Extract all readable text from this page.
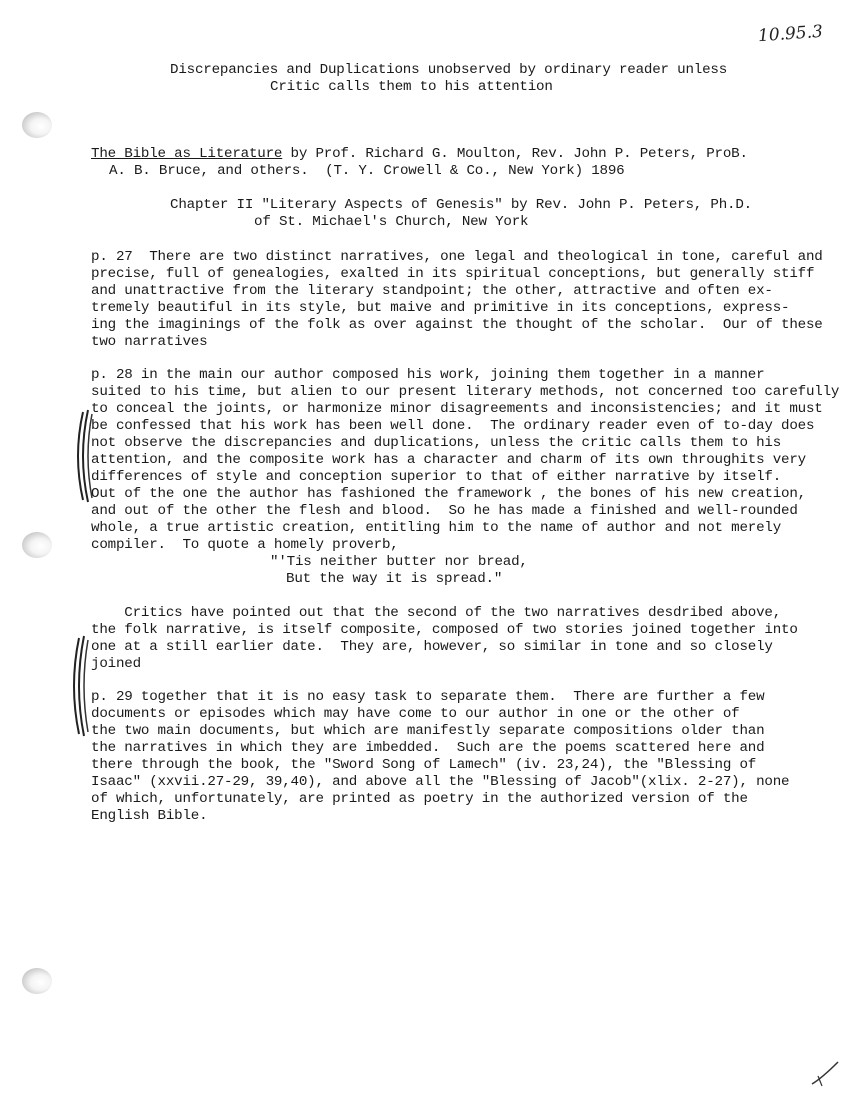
10.95.3
Discrepancies and Duplications unobserved by ordinary reader unless
Critic calls them to his attention
The Bible as Literature by Prof. Richard G. Moulton, Rev. John P. Peters, ProB.
A. B. Bruce, and others.  (T. Y. Crowell & Co., New York) 1896
Chapter II "Literary Aspects of Genesis" by Rev. John P. Peters, Ph.D.
of St. Michael's Church, New York
p. 27  There are two distinct narratives, one legal and theological in tone, careful and
precise, full of genealogies, exalted in its spiritual conceptions, but generally stiff
and unattractive from the literary standpoint; the other, attractive and often ex-
tremely beautiful in its style, but maive and primitive in its conceptions, express-
ing the imaginings of the folk as over against the thought of the scholar.  Our of these
two narratives
p. 28 in the main our author composed his work, joining them together in a manner
suited to his time, but alien to our present literary methods, not concerned too carefully
to conceal the joints, or harmonize minor disagreements and inconsistencies; and it must
be confessed that his work has been well done.  The ordinary reader even of to-day does
not observe the discrepancies and duplications, unless the critic calls them to his
attention, and the composite work has a character and charm of its own throughits very
differences of style and conception superior to that of either narrative by itself.
Out of the one the author has fashioned the framework , the bones of his new creation,
and out of the other the flesh and blood.  So he has made a finished and well-rounded
whole, a true artistic creation, entitling him to the name of author and not merely
compiler.  To quote a homely proverb,
"'Tis neither butter nor bread,
But the way it is spread."
Critics have pointed out that the second of the two narratives desdribed above,
the folk narrative, is itself composite, composed of two stories joined together into
one at a still earlier date.  They are, however, so similar in tone and so closely
joined
p. 29 together that it is no easy task to separate them.  There are further a few
documents or episodes which may have come to our author in one or the other of
the two main documents, but which are manifestly separate compositions older than
the narratives in which they are imbedded.  Such are the poems scattered here and
there through the book, the "Sword Song of Lamech" (iv. 23,24), the "Blessing of
Isaac" (xxvii.27-29, 39,40), and above all the "Blessing of Jacob"(xlix. 2-27), none
of which, unfortunately, are printed as poetry in the authorized version of the
English Bible.
